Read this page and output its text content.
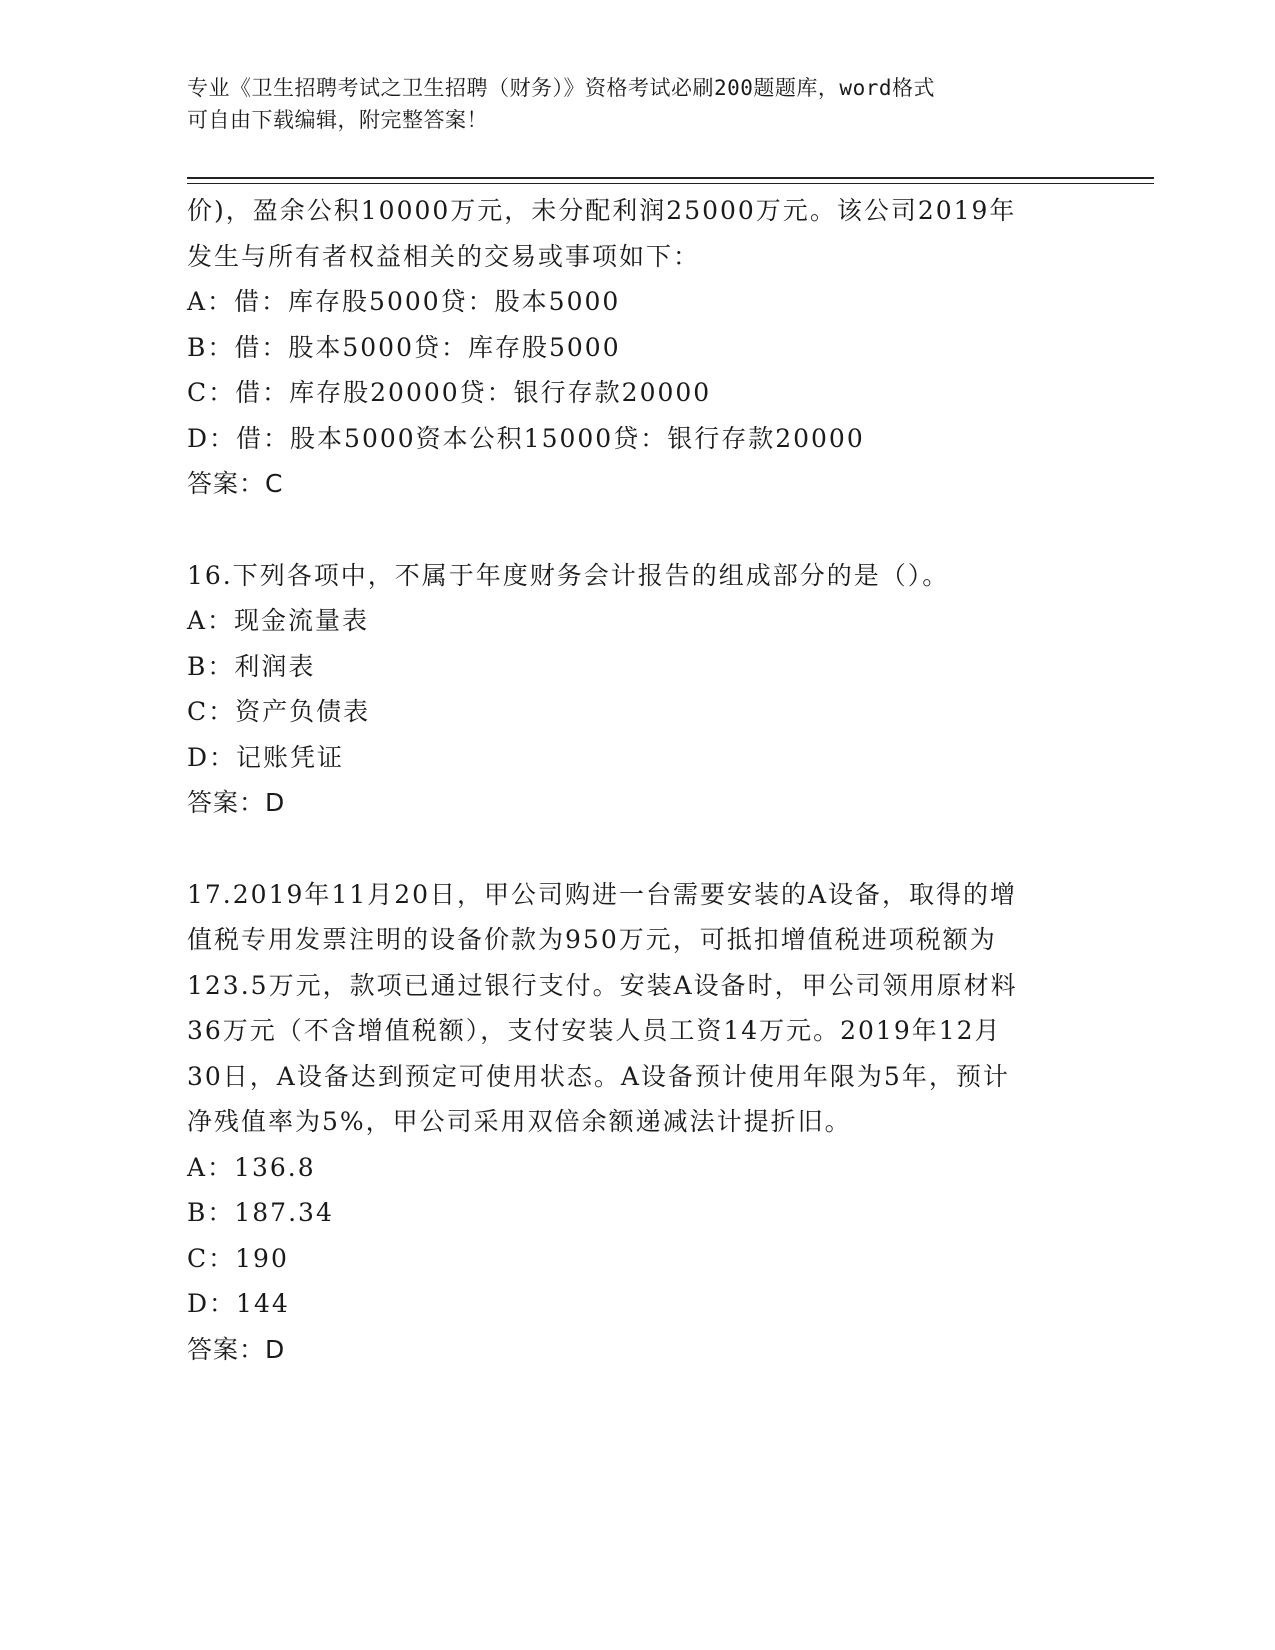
专业《卫生招聘考试之卫生招聘（财务）》资格考试必刷200题题库，word格式
可自由下载编辑，附完整答案！
价)，盈余公积10000万元，未分配利润25000万元。该公司2019年
发生与所有者权益相关的交易或事项如下：
A：借：库存股5000贷：股本5000
B：借：股本5000贷：库存股5000
C：借：库存股20000贷：银行存款20000
D：借：股本5000资本公积15000贷：银行存款20000
答案：C
16.下列各项中，不属于年度财务会计报告的组成部分的是（）。
A：现金流量表
B：利润表
C：资产负债表
D：记账凭证
答案：D
17.2019年11月20日，甲公司购进一台需要安装的A设备，取得的增
值税专用发票注明的设备价款为950万元，可抵扣增值税进项税额为
123.5万元，款项已通过银行支付。安装A设备时，甲公司领用原材料
36万元（不含增值税额），支付安装人员工资14万元。2019年12月
30日，A设备达到预定可使用状态。A设备预计使用年限为5年，预计
净残值率为5%，甲公司采用双倍余额递减法计提折旧。
A：136.8
B：187.34
C：190
D：144
答案：D
